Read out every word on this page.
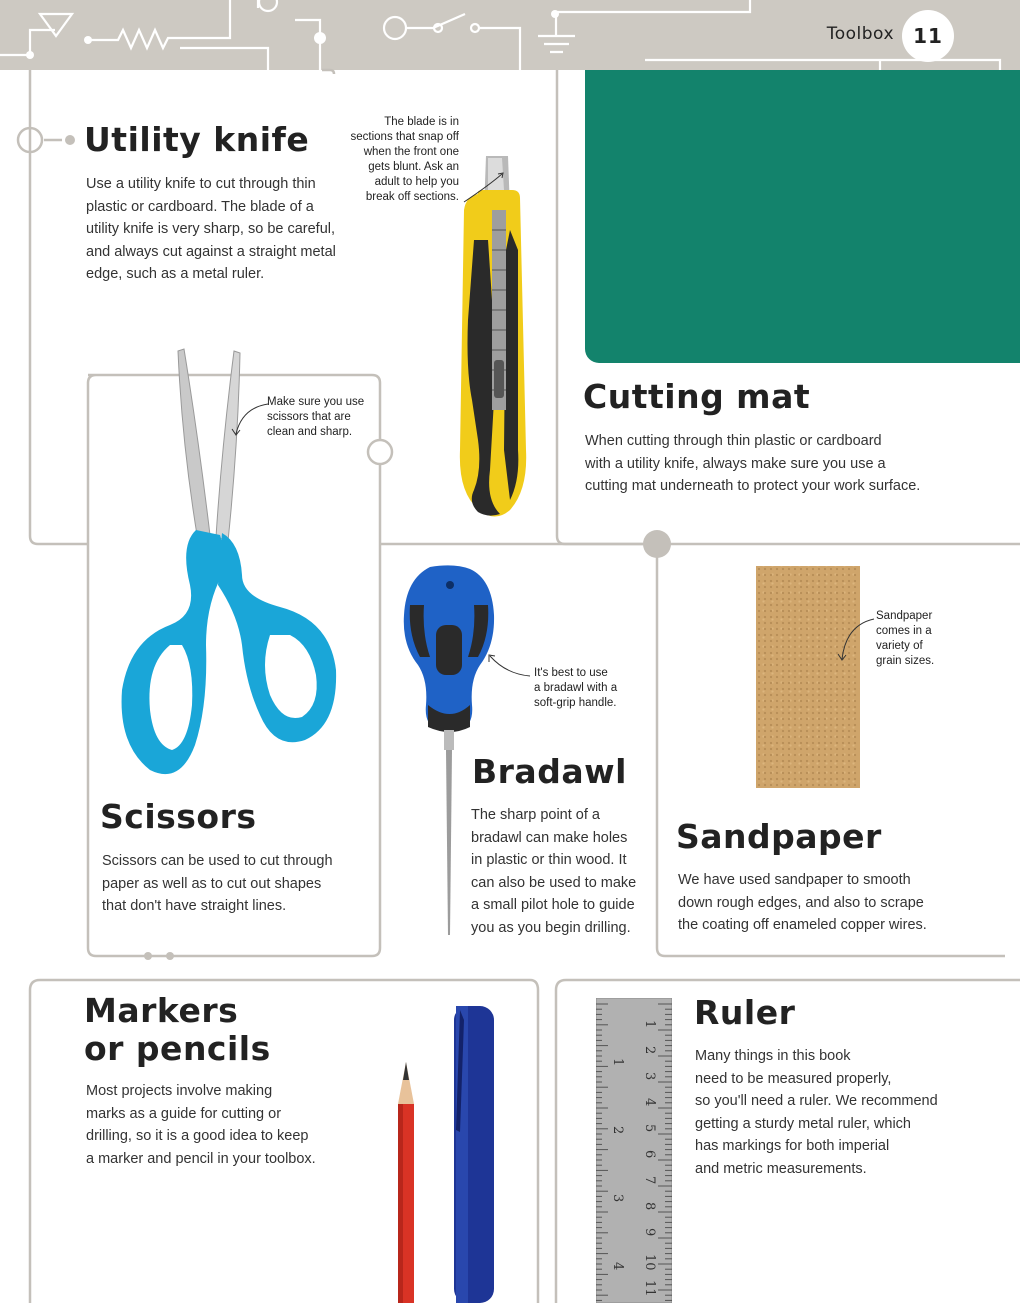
Toolbox 11
1
2
3
4
5
6
7
8
9
10
11
1
2
3
4
Utility knife
Use a utility knife to cut through thin
plastic or cardboard. The blade of a
utility knife is very sharp, so be careful,
and always cut against a straight metal
edge, such as a metal ruler.
The blade is in
sections that snap off
when the front one
gets blunt. Ask an
adult to help you
break off sections.
Cutting mat
When cutting through thin plastic or cardboard
with a utility knife, always make sure you use a
cutting mat underneath to protect your work surface.
Make sure you use
scissors that are
clean and sharp.
Scissors
Scissors can be used to cut through
paper as well as to cut out shapes
that don't have straight lines.
It's best to use
a bradawl with a
soft-grip handle.
Bradawl
The sharp point of a
bradawl can make holes
in plastic or thin wood. It
can also be used to make
a small pilot hole to guide
you as you begin drilling.
Sandpaper
comes in a
variety of
grain sizes.
Sandpaper
We have used sandpaper to smooth
down rough edges, and also to scrape
the coating off enameled copper wires.
Markers
or pencils
Most projects involve making
marks as a guide for cutting or
drilling, so it is a good idea to keep
a marker and pencil in your toolbox.
Ruler
Many things in this book
need to be measured properly,
so you'll need a ruler. We recommend
getting a sturdy metal ruler, which
has markings for both imperial
and metric measurements.
